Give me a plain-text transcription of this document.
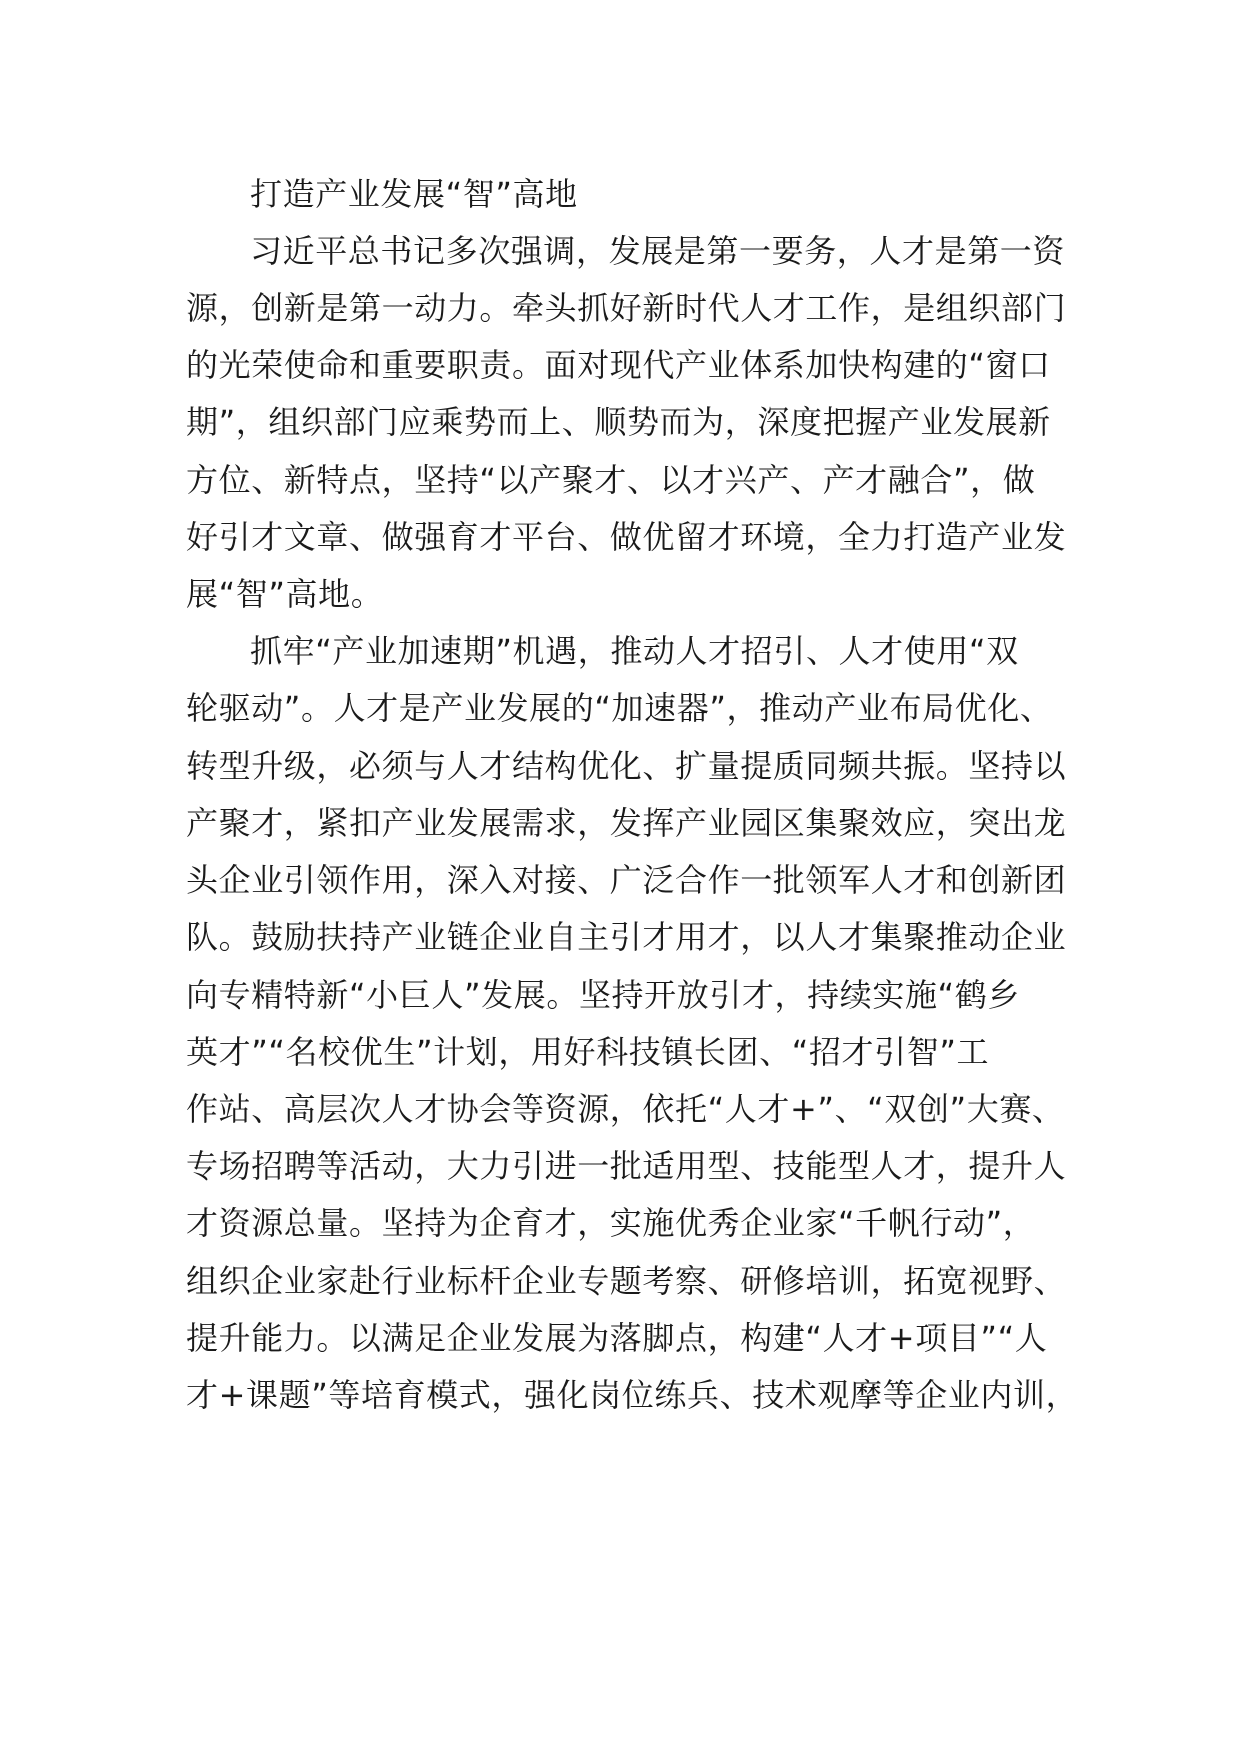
打造产业发展“智”高地
习近平总书记多次强调，发展是第一要务，人才是第一资
源，创新是第一动力。牵头抓好新时代人才工作，是组织部门
的光荣使命和重要职责。面对现代产业体系加快构建的“窗口
期”，组织部门应乘势而上、顺势而为，深度把握产业发展新
方位、新特点，坚持“以产聚才、以才兴产、产才融合”，做
好引才文章、做强育才平台、做优留才环境，全力打造产业发
展“智”高地。
抓牢“产业加速期”机遇，推动人才招引、人才使用“双
轮驱动”。人才是产业发展的“加速器”，推动产业布局优化、
转型升级，必须与人才结构优化、扩量提质同频共振。坚持以
产聚才，紧扣产业发展需求，发挥产业园区集聚效应，突出龙
头企业引领作用，深入对接、广泛合作一批领军人才和创新团
队。鼓励扶持产业链企业自主引才用才，以人才集聚推动企业
向专精特新“小巨人”发展。坚持开放引才，持续实施“鹤乡
英才”“名校优生”计划，用好科技镇长团、“招才引智”工
作站、高层次人才协会等资源，依托“人才+”、“双创”大赛、
专场招聘等活动，大力引进一批适用型、技能型人才，提升人
才资源总量。坚持为企育才，实施优秀企业家“千帆行动”，
组织企业家赴行业标杆企业专题考察、研修培训，拓宽视野、
提升能力。以满足企业发展为落脚点，构建“人才+项目”“人
才+课题”等培育模式，强化岗位练兵、技术观摩等企业内训，
